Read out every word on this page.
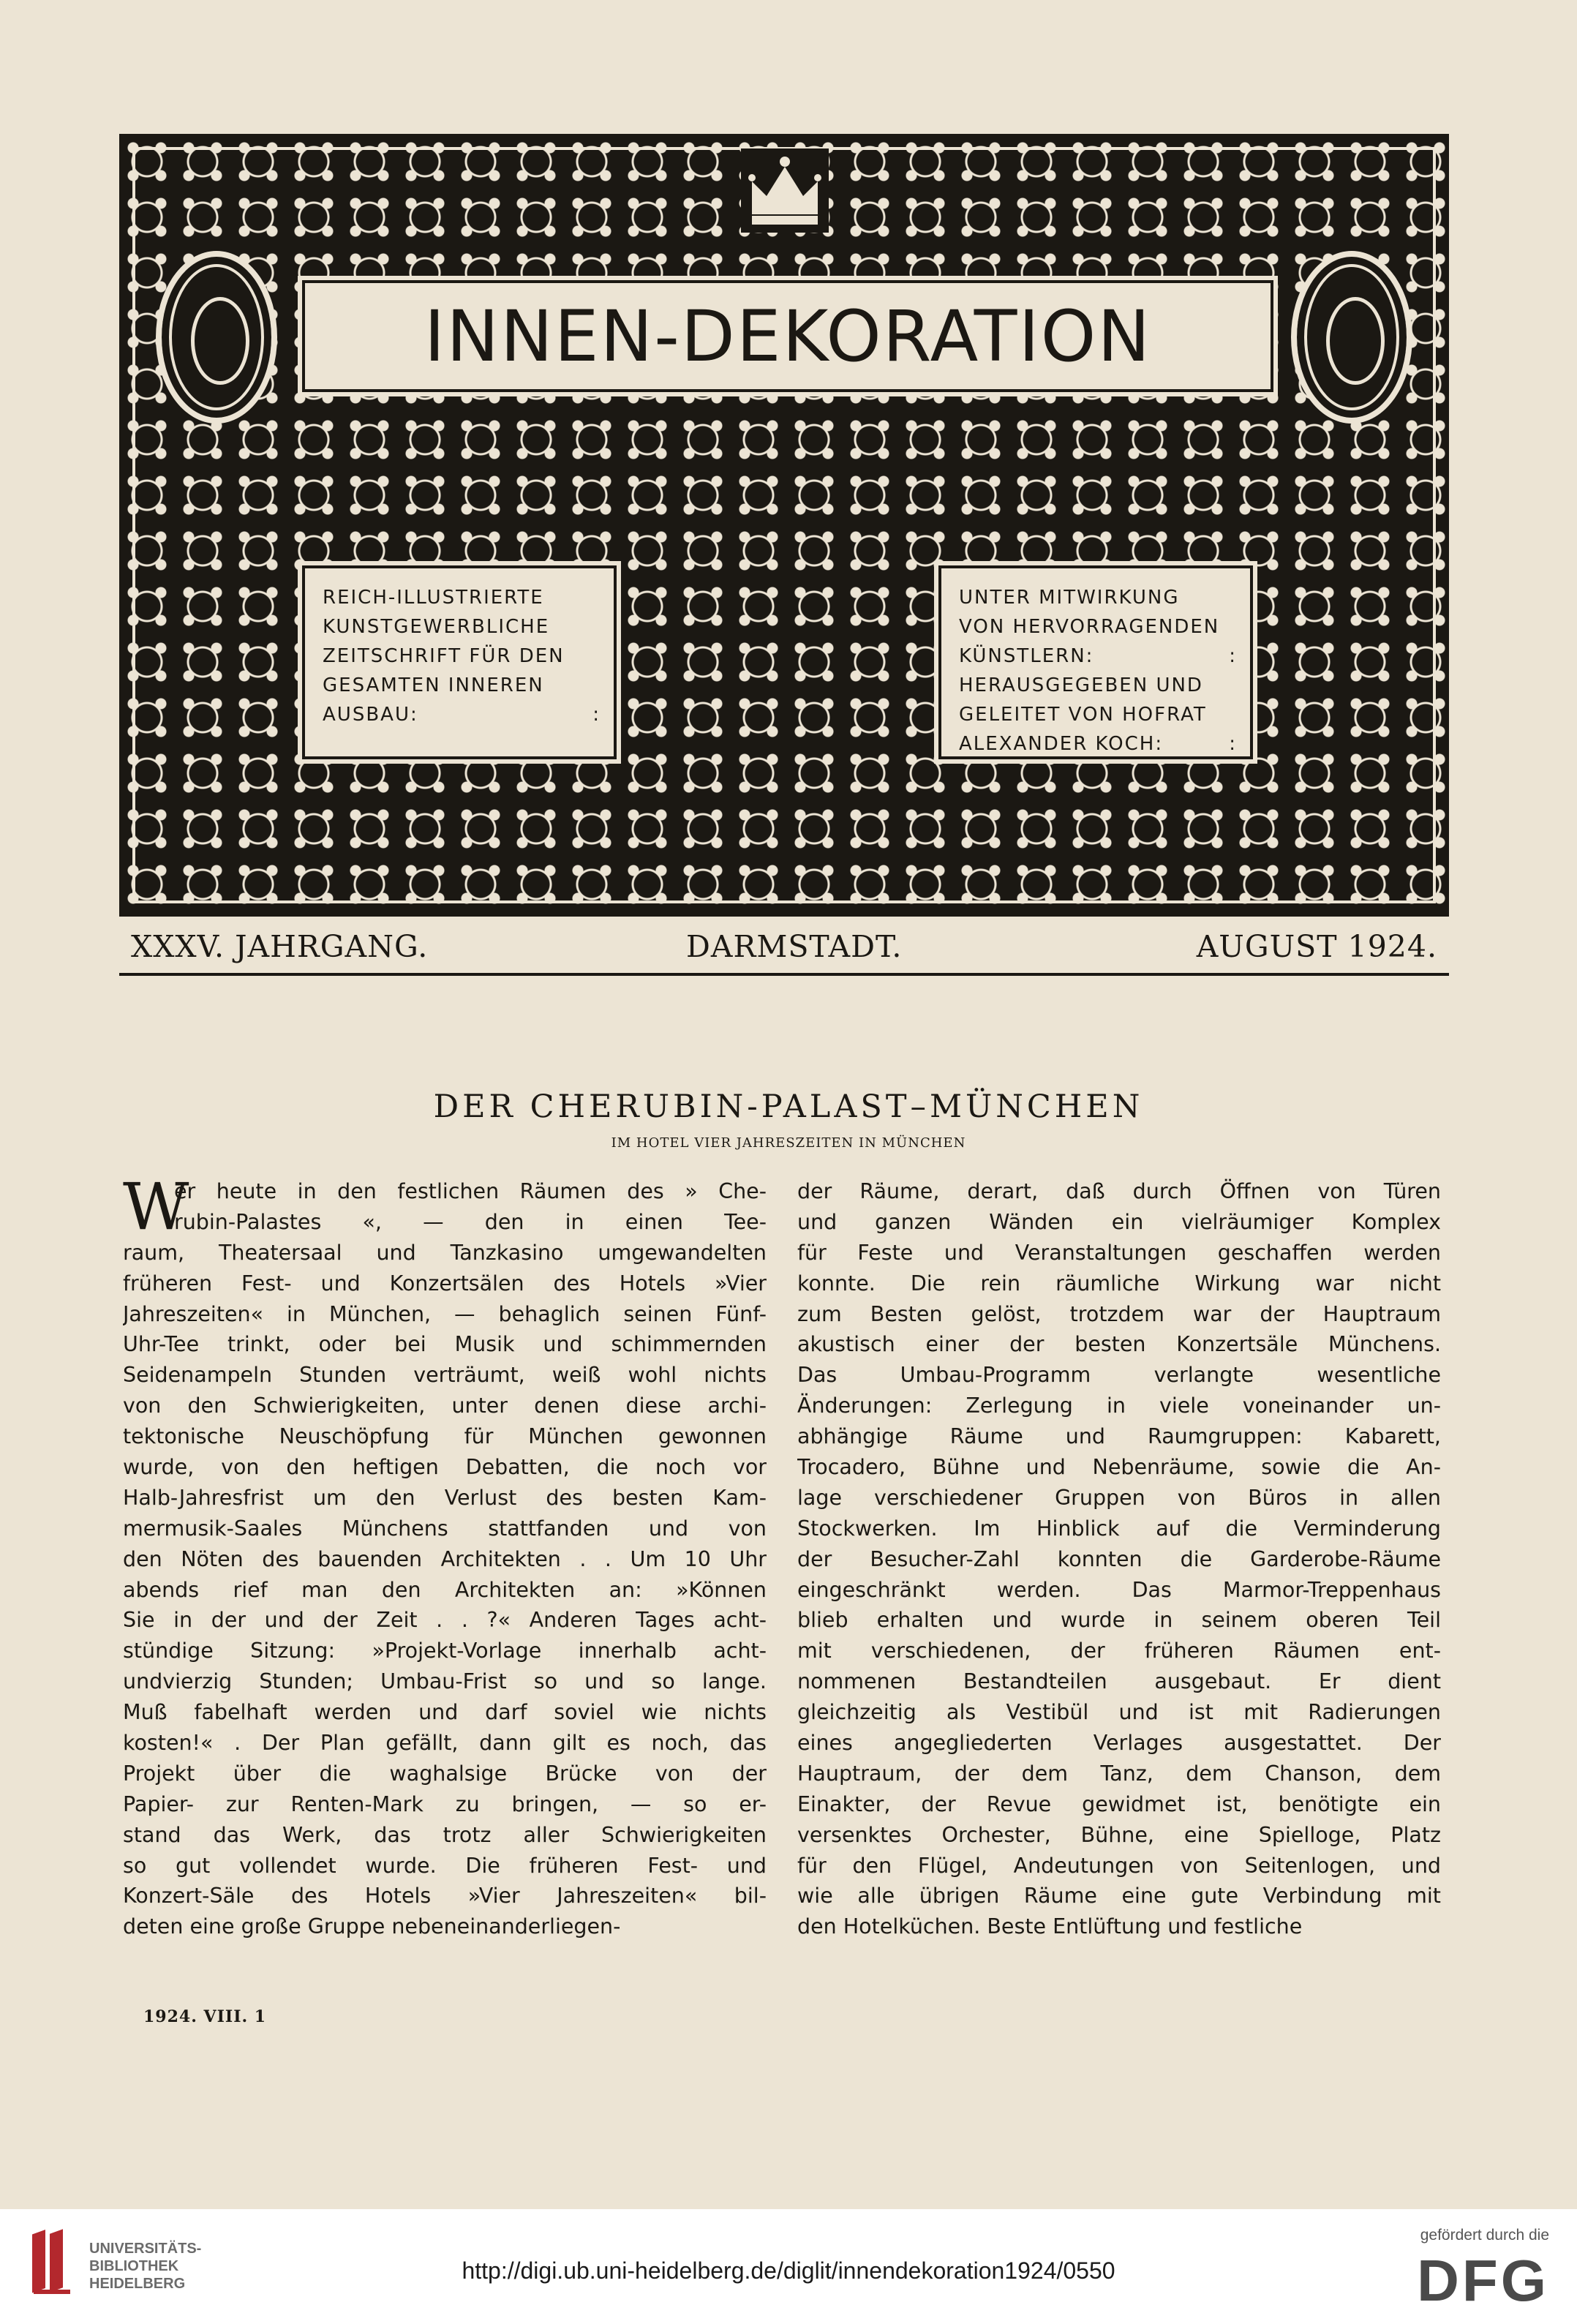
INNEN-DEKORATION
REICH-ILLUSTRIERTE
KUNSTGEWERBLICHE
ZEITSCHRIFT FÜR DEN
GESAMTEN INNEREN
AUSBAU:	:
UNTER MITWIRKUNG
VON HERVORRAGENDEN
KÜNSTLERN:	:
HERAUSGEGEBEN UND
GELEITET VON HOFRAT
ALEXANDER KOCH:	:
XXXV. JAHRGANG.	DARMSTADT.	AUGUST 1924.
DER CHERUBIN-PALAST–MÜNCHEN
IM HOTEL VIER JAHRESZEITEN IN MÜNCHEN
W
er heute in den festlichen Räumen des » Che-
rubin-Palastes «, — den in einen Tee-
raum, Theatersaal und Tanzkasino umgewandelten
früheren Fest- und Konzertsälen des Hotels »Vier
Jahreszeiten« in München, — behaglich seinen Fünf-
Uhr-Tee trinkt, oder bei Musik und schimmernden
Seidenampeln Stunden verträumt, weiß wohl nichts
von den Schwierigkeiten, unter denen diese archi-
tektonische Neuschöpfung für München gewonnen
wurde, von den heftigen Debatten, die noch vor
Halb-Jahresfrist um den Verlust des besten Kam-
mermusik-Saales Münchens stattfanden und von
den Nöten des bauenden Architekten . . Um 10 Uhr
abends rief man den Architekten an: »Können
Sie in der und der Zeit . . ?« Anderen Tages acht-
stündige Sitzung: »Projekt-Vorlage innerhalb acht-
undvierzig Stunden; Umbau-Frist so und so lange.
Muß fabelhaft werden und darf soviel wie nichts
kosten!« . Der Plan gefällt, dann gilt es noch, das
Projekt über die waghalsige Brücke von der
Papier- zur Renten-Mark zu bringen, — so er-
stand das Werk, das trotz aller Schwierigkeiten
so gut vollendet wurde. Die früheren Fest- und
Konzert-Säle des Hotels »Vier Jahreszeiten« bil-
deten eine große Gruppe nebeneinanderliegen-
der Räume, derart, daß durch Öffnen von Türen
und ganzen Wänden ein vielräumiger Komplex
für Feste und Veranstaltungen geschaffen werden
konnte. Die rein räumliche Wirkung war nicht
zum Besten gelöst, trotzdem war der Hauptraum
akustisch einer der besten Konzertsäle Münchens.
Das Umbau-Programm verlangte wesentliche
Änderungen: Zerlegung in viele voneinander un-
abhängige Räume und Raumgruppen: Kabarett,
Trocadero, Bühne und Nebenräume, sowie die An-
lage verschiedener Gruppen von Büros in allen
Stockwerken. Im Hinblick auf die Verminderung
der Besucher-Zahl konnten die Garderobe-Räume
eingeschränkt werden. Das Marmor-Treppenhaus
blieb erhalten und wurde in seinem oberen Teil
mit verschiedenen, der früheren Räumen ent-
nommenen Bestandteilen ausgebaut. Er dient
gleichzeitig als Vestibül und ist mit Radierungen
eines angegliederten Verlages ausgestattet. Der
Hauptraum, der dem Tanz, dem Chanson, dem
Einakter, der Revue gewidmet ist, benötigte ein
versenktes Orchester, Bühne, eine Spielloge, Platz
für den Flügel, Andeutungen von Seitenlogen, und
wie alle übrigen Räume eine gute Verbindung mit
den Hotelküchen. Beste Entlüftung und festliche
1924. VIII. 1
UNIVERSITÄTS-
BIBLIOTHEK
HEIDELBERG	http://digi.ub.uni-heidelberg.de/diglit/innendekoration1924/0550
gefördert durch die
DFG
